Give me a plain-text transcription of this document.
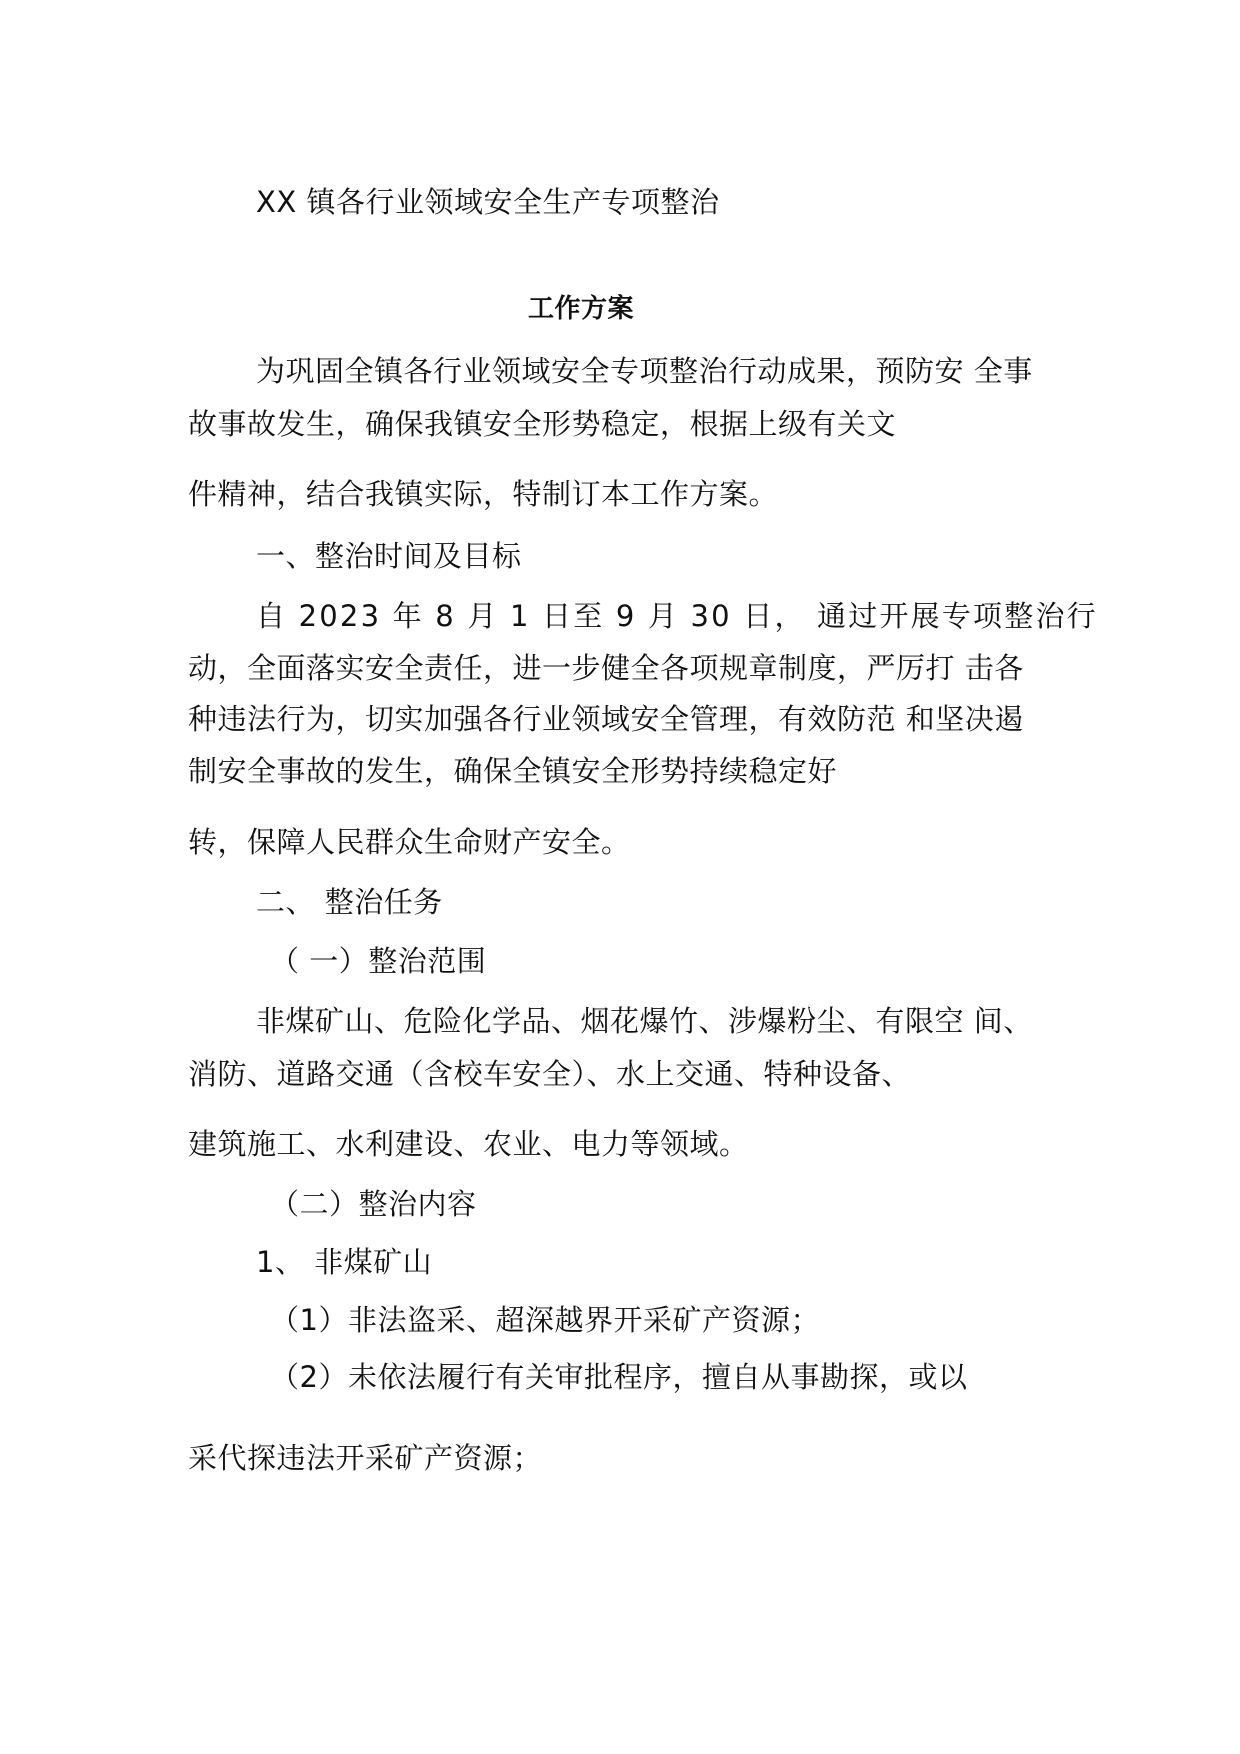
XX 镇各行业领域安全生产专项整治
工作方案
为巩固全镇各行业领域安全专项整治行动成果，预防安 全事
故事故发生，确保我镇安全形势稳定，根据上级有关文
件精神，结合我镇实际，特制订本工作方案。
一、整治时间及目标
自 2023 年 8 月 1 日至 9 月 30 日， 通过开展专项整治行
动，全面落实安全责任，进一步健全各项规章制度，严厉打 击各
种违法行为，切实加强各行业领域安全管理，有效防范 和坚决遏
制安全事故的发生，确保全镇安全形势持续稳定好
转，保障人民群众生命财产安全。
二、 整治任务
（ 一）整治范围
非煤矿山、危险化学品、烟花爆竹、涉爆粉尘、有限空 间、
消防、道路交通（含校车安全）、水上交通、特种设备、
建筑施工、水利建设、农业、电力等领域。
（二）整治内容
1、 非煤矿山
（1）非法盗采、超深越界开采矿产资源；
（2）未依法履行有关审批程序，擅自从事勘探，或以
采代探违法开采矿产资源；
